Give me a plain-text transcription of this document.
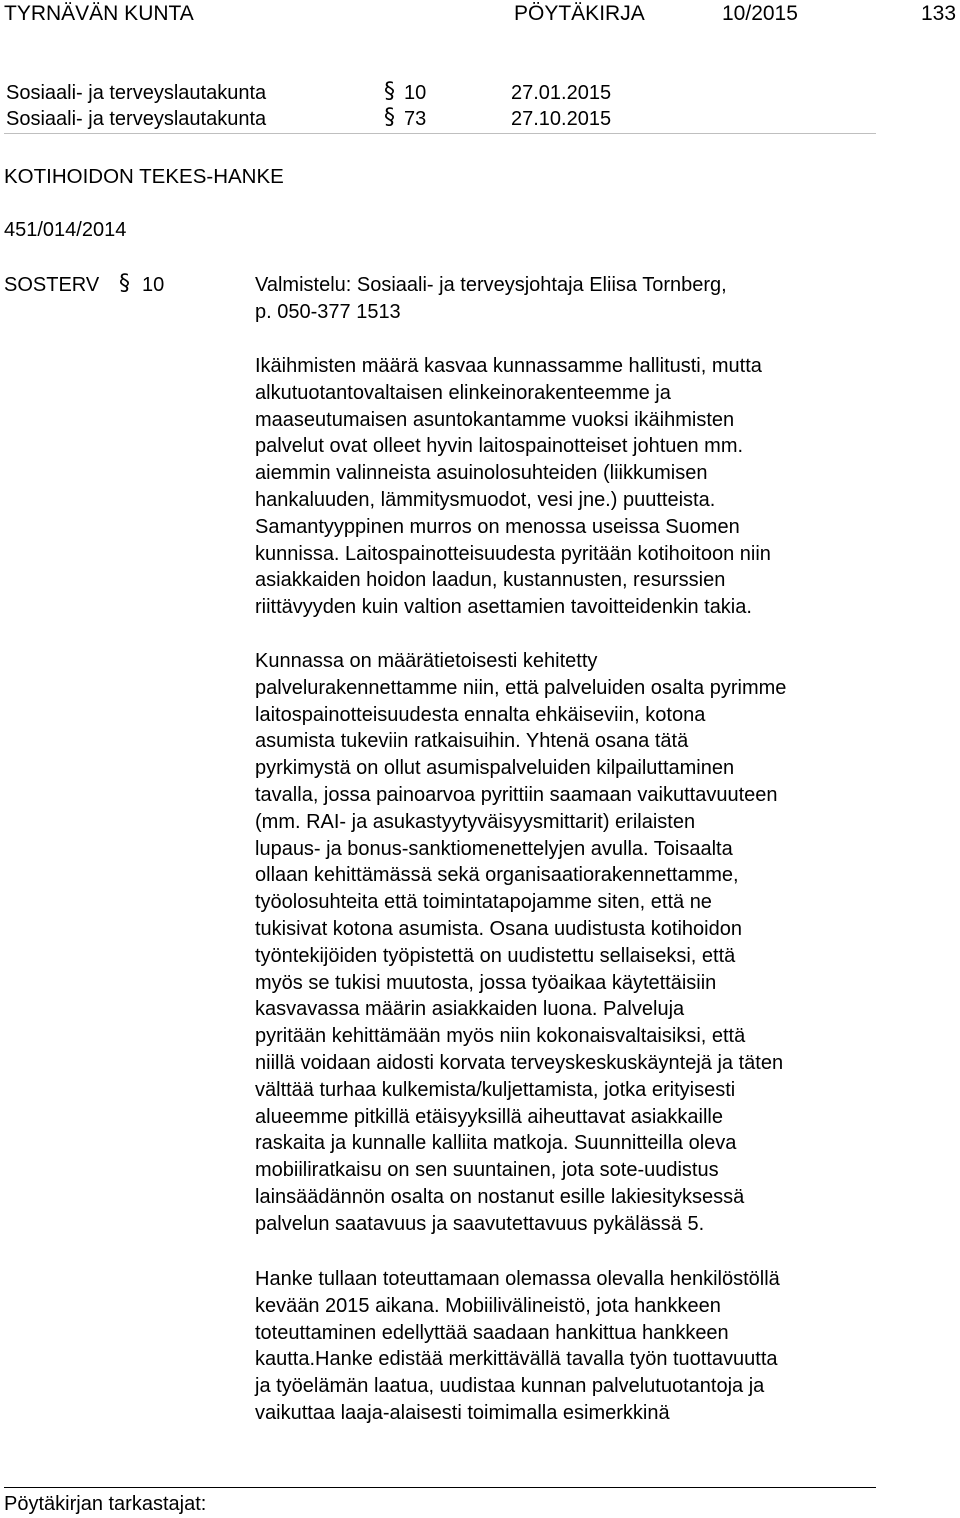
TYRNÄVÄN KUNTA	PÖYTÄKIRJA	10/2015	133
Sosiaali- ja terveyslautakunta	§ 10	27.01.2015
Sosiaali- ja terveyslautakunta	§ 73	27.10.2015
KOTIHOIDON TEKES-HANKE
451/014/2014
SOSTERV § 10	Valmistelu: Sosiaali- ja terveysjohtaja Eliisa Tornberg,
p. 050-377 1513
Ikäihmisten määrä kasvaa kunnassamme hallitusti, mutta
alkutuotantovaltaisen elinkeinorakenteemme ja
maaseutumaisen asuntokantamme vuoksi ikäihmisten
palvelut ovat olleet hyvin laitospainotteiset johtuen mm.
aiemmin valinneista asuinolosuhteiden (liikkumisen
hankaluuden, lämmitysmuodot, vesi jne.) puutteista.
Samantyyppinen murros on menossa useissa Suomen
kunnissa. Laitospainotteisuudesta pyritään kotihoitoon niin
asiakkaiden hoidon laadun, kustannusten, resurssien
riittävyyden kuin valtion asettamien tavoitteidenkin takia.
Kunnassa on määrätietoisesti kehitetty
palvelurakennettamme niin, että palveluiden osalta pyrimme
laitospainotteisuudesta ennalta ehkäiseviin, kotona
asumista tukeviin ratkaisuihin. Yhtenä osana tätä
pyrkimystä on ollut asumispalveluiden kilpailuttaminen
tavalla, jossa painoarvoa pyrittiin saamaan vaikuttavuuteen
(mm. RAI- ja asukastyytyväisyysmittarit) erilaisten
lupaus- ja bonus-sanktiomenettelyjen avulla. Toisaalta
ollaan kehittämässä sekä organisaatiorakennettamme,
työolosuhteita että toimintatapojamme siten, että ne
tukisivat kotona asumista. Osana uudistusta kotihoidon
työntekijöiden työpistettä on uudistettu sellaiseksi, että
myös se tukisi muutosta, jossa työaikaa käytettäisiin
kasvavassa määrin asiakkaiden luona. Palveluja
pyritään kehittämään myös niin kokonaisvaltaisiksi, että
niillä voidaan aidosti korvata terveyskeskuskäyntejä ja täten
välttää turhaa kulkemista/kuljettamista, jotka erityisesti
alueemme pitkillä etäisyyksillä aiheuttavat asiakkaille
raskaita ja kunnalle kalliita matkoja. Suunnitteilla oleva
mobiiliratkaisu on sen suuntainen, jota sote-uudistus
lainsäädännön osalta on nostanut esille lakiesityksessä
palvelun saatavuus ja saavutettavuus pykälässä 5.
Hanke tullaan toteuttamaan olemassa olevalla henkilöstöllä
kevään 2015 aikana. Mobiilivälineistö, jota hankkeen
toteuttaminen edellyttää saadaan hankittua hankkeen
kautta.Hanke edistää merkittävällä tavalla työn tuottavuutta
ja työelämän laatua, uudistaa kunnan palvelutuotantoja ja
vaikuttaa laaja-alaisesti toimimalla esimerkkinä
Pöytäkirjan tarkastajat:
